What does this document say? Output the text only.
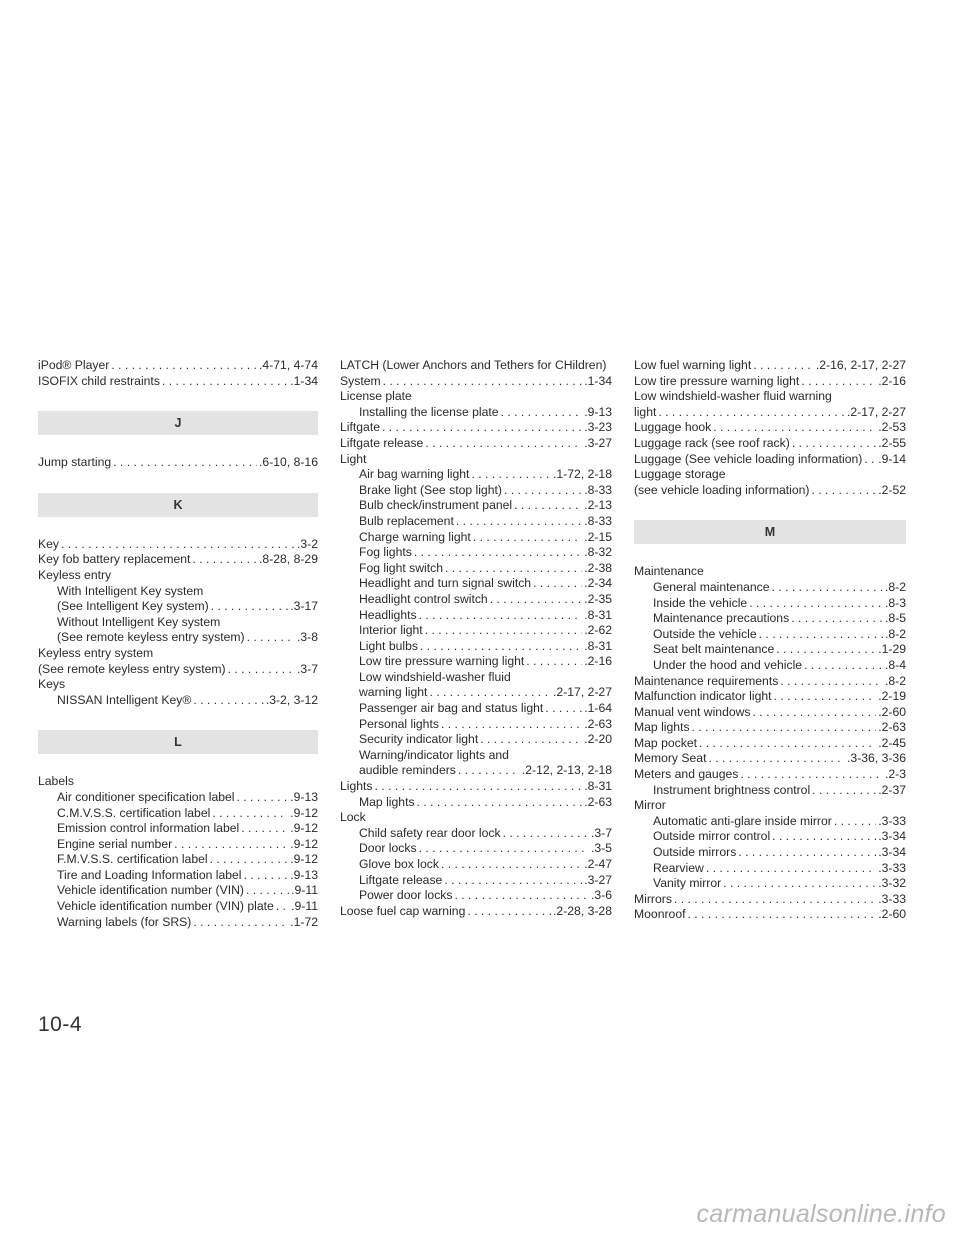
iPod® Player . . .	.4-71, 4-74
ISOFIX child restraints . . .	.1-34
J
Jump starting . . .	.6-10, 8-16
K
Key . . .	.3-2
Key fob battery replacement . . .	.8-28, 8-29
Keyless entry
With Intelligent Key system
(See Intelligent Key system) . . .	.3-17
Without Intelligent Key system
(See remote keyless entry system) . . .	.3-8
Keyless entry system
(See remote keyless entry system) . . .	.3-7
Keys
NISSAN Intelligent Key® . . .	.3-2, 3-12
L
Labels
Air conditioner specification label . . .	.9-13
C.M.V.S.S. certification label . . .	.9-12
Emission control information label . . .	.9-12
Engine serial number . . .	.9-12
F.M.V.S.S. certification label . . .	.9-12
Tire and Loading Information label . . .	.9-13
Vehicle identification number (VIN) . . .	.9-11
Vehicle identification number (VIN) plate . . . .9-11
Warning labels (for SRS) . . .	.1-72
LATCH (Lower Anchors and Tethers for CHildren)
System . . .	.1-34
License plate
Installing the license plate . . .	.9-13
Liftgate . . .	.3-23
Liftgate release . . .	.3-27
Light
Air bag warning light . . .	.1-72, 2-18
Brake light (See stop light) . . .	.8-33
Bulb check/instrument panel . . .	.2-13
Bulb replacement . . .	.8-33
Charge warning light . . .	.2-15
Fog lights . . .	.8-32
Fog light switch . . .	.2-38
Headlight and turn signal switch . . .	.2-34
Headlight control switch . . .	.2-35
Headlights . . .	.8-31
Interior light . . .	.2-62
Light bulbs . . .	.8-31
Low tire pressure warning light . . .	.2-16
Low windshield-washer fluid
warning light . . .	.2-17, 2-27
Passenger air bag and status light . . .	.1-64
Personal lights . . .	.2-63
Security indicator light . . .	.2-20
Warning/indicator lights and
audible reminders . . .	.2-12, 2-13, 2-18
Lights . . .	.8-31
Map lights . . .	.2-63
Lock
Child safety rear door lock . . .	.3-7
Door locks . . .	.3-5
Glove box lock . . .	.2-47
Liftgate release . . .	.3-27
Power door locks . . .	.3-6
Loose fuel cap warning . . .	.2-28, 3-28
Low fuel warning light . . .	.2-16, 2-17, 2-27
Low tire pressure warning light . . .	.2-16
Low windshield-washer fluid warning
light . . .	.2-17, 2-27
Luggage hook . . .	.2-53
Luggage rack (see roof rack) . . .	.2-55
Luggage (See vehicle loading information) . . . .9-14
Luggage storage
(see vehicle loading information) . . .	.2-52
M
Maintenance
General maintenance . . .	.8-2
Inside the vehicle . . .	.8-3
Maintenance precautions . . .	.8-5
Outside the vehicle . . .	.8-2
Seat belt maintenance . . .	.1-29
Under the hood and vehicle . . .	.8-4
Maintenance requirements . . .	.8-2
Malfunction indicator light . . .	.2-19
Manual vent windows . . .	.2-60
Map lights . . .	.2-63
Map pocket . . .	.2-45
Memory Seat . . .	.3-36, 3-36
Meters and gauges . . .	.2-3
Instrument brightness control . . .	.2-37
Mirror
Automatic anti-glare inside mirror . . .	.3-33
Outside mirror control . . .	.3-34
Outside mirrors . . .	.3-34
Rearview . . .	.3-33
Vanity mirror . . .	.3-32
Mirrors . . .	.3-33
Moonroof . . .	.2-60
10-4
carmanualsonline.info
